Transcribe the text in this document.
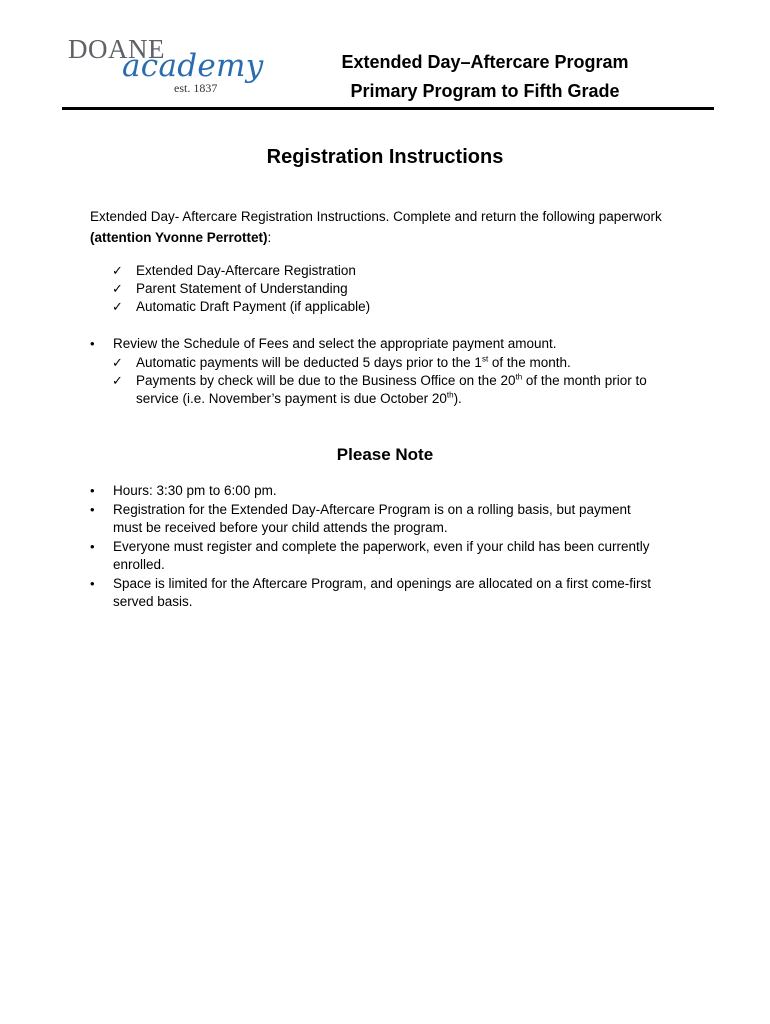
DOANE
academy
est. 1837
Extended Day–Aftercare Program
Primary Program to Fifth Grade
Registration Instructions
Extended Day- Aftercare Registration Instructions. Complete and return the following paperwork (attention Yvonne Perrottet):
✓ Extended Day-Aftercare Registration
✓ Parent Statement of Understanding
✓ Automatic Draft Payment (if applicable)
• Review the Schedule of Fees and select the appropriate payment amount.
✓ Automatic payments will be deducted 5 days prior to the 1st of the month.
✓ Payments by check will be due to the Business Office on the 20th of the month prior to
service (i.e. November’s payment is due October 20th).
Please Note
• Hours: 3:30 pm to 6:00 pm.
• Registration for the Extended Day-Aftercare Program is on a rolling basis, but payment
must be received before your child attends the program.
• Everyone must register and complete the paperwork, even if your child has been currently
enrolled.
• Space is limited for the Aftercare Program, and openings are allocated on a first come-first
served basis.
